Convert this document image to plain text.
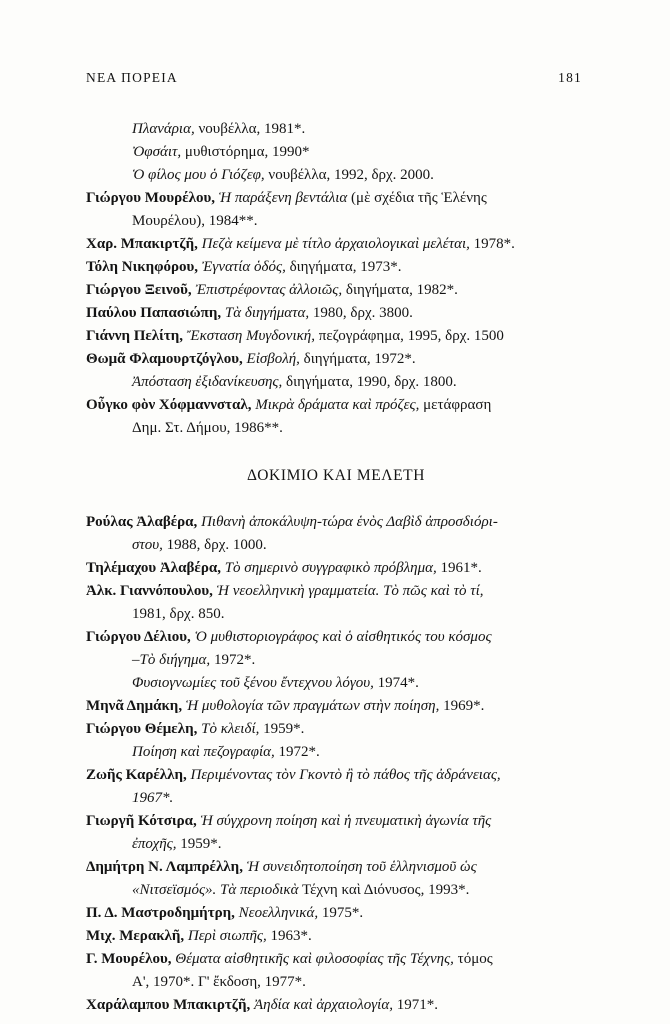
ΝΕΑ ΠΟΡΕΙΑ	181
Πλανάρια, νουβέλλα, 1981*.
Ὀφσάιτ, μυθιστόρημα, 1990*
Ὁ φίλος μου ὁ Γιόζεφ, νουβέλλα, 1992, δρχ. 2000.
Γιώργου Μουρέλου, Ἡ παράξενη βεντάλια (μὲ σχέδια τῆς Ἑλένης
Μουρέλου), 1984**.
Χαρ. Μπακιρτζῆ, Πεζὰ κείμενα μὲ τίτλο ἀρχαιολογικαὶ μελέται, 1978*.
Τόλη Νικηφόρου, Ἐγνατία ὁδός, διηγήματα, 1973*.
Γιώργου Ξεινοῦ, Ἐπιστρέφοντας ἀλλοιῶς, διηγήματα, 1982*.
Παύλου Παπασιώπη, Τὰ διηγήματα, 1980, δρχ. 3800.
Γιάννη Πελίτη, Ἔκσταση Μυγδονική, πεζογράφημα, 1995, δρχ. 1500
Θωμᾶ Φλαμουρτζόγλου, Εἰσβολή, διηγήματα, 1972*.
Ἀπόσταση ἐξιδανίκευσης, διηγήματα, 1990, δρχ. 1800.
Οὖγκο φὸν Χόφμαννσταλ, Μικρὰ δράματα καὶ πρόζες, μετάφραση
Δημ. Στ. Δήμου, 1986**.
ΔΟΚΙΜΙΟ ΚΑΙ ΜΕΛΕΤΗ
Ρούλας Ἀλαβέρα, Πιθανὴ ἀποκάλυψη-τώρα ἑνὸς Δαβὶδ ἀπροσδιόρι-
στου, 1988, δρχ. 1000.
Τηλέμαχου Ἀλαβέρα, Τὸ σημερινὸ συγγραφικὸ πρόβλημα, 1961*.
Ἀλκ. Γιαννόπουλου, Ἡ νεοελληνικὴ γραμματεία. Τὸ πῶς καὶ τὸ τί,
1981, δρχ. 850.
Γιώργου Δέλιου, Ὁ μυθιστοριογράφος καὶ ὁ αἰσθητικός του κόσμος
–Τὸ διήγημα, 1972*.
Φυσιογνωμίες τοῦ ξένου ἔντεχνου λόγου, 1974*.
Μηνᾶ Δημάκη, Ἡ μυθολογία τῶν πραγμάτων στὴν ποίηση, 1969*.
Γιώργου Θέμελη, Τὸ κλειδί, 1959*.
Ποίηση καὶ πεζογραφία, 1972*.
Ζωῆς Καρέλλη, Περιμένοντας τὸν Γκοντὸ ἢ τὸ πάθος τῆς ἀδράνειας,
1967*.
Γιωργῆ Κότσιρα, Ἡ σύγχρονη ποίηση καὶ ἡ πνευματικὴ ἀγωνία τῆς
ἐποχῆς, 1959*.
Δημήτρη Ν. Λαμπρέλλη, Ἡ συνειδητοποίηση τοῦ ἑλληνισμοῦ ὡς
«Νιτσεϊσμός». Τὰ περιοδικὰ Τέχνη καὶ Διόνυσος, 1993*.
Π. Δ. Μαστροδημήτρη, Νεοελληνικά, 1975*.
Μιχ. Μερακλῆ, Περὶ σιωπῆς, 1963*.
Γ. Μουρέλου, Θέματα αἰσθητικῆς καὶ φιλοσοφίας τῆς Τέχνης, τόμος
Α', 1970*. Γ' ἔκδοση, 1977*.
Χαράλαμπου Μπακιρτζῆ, Ἀηδία καὶ ἀρχαιολογία, 1971*.
